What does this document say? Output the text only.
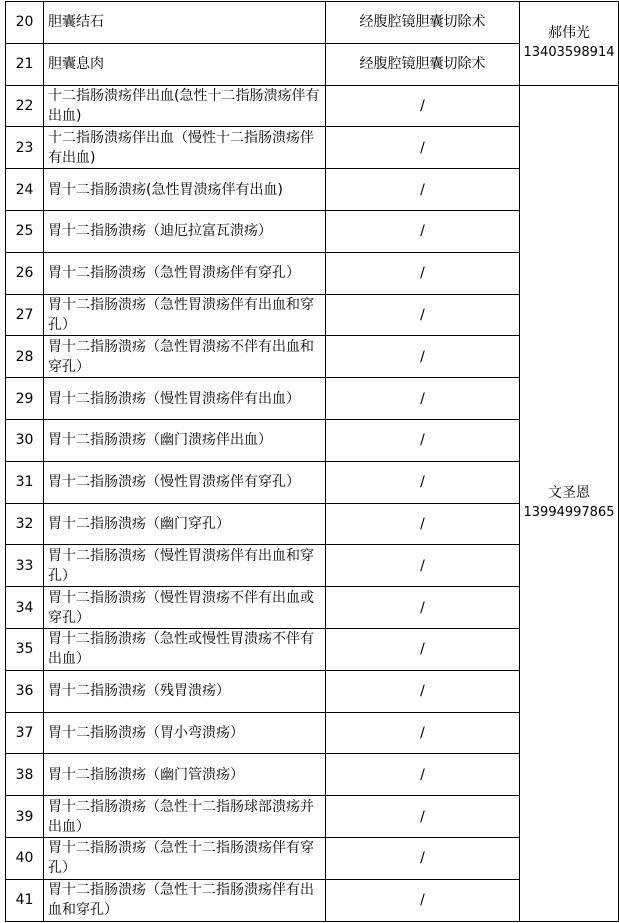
20	胆囊结石	经腹腔镜胆囊切除术	郝伟光
13403598914

21	胆囊息肉	经腹腔镜胆囊切除术	
22	十二指肠溃疡伴出血(急性十二指肠溃疡伴有出血)	/	文圣恩
13994997865

23	十二指肠溃疡伴出血（慢性十二指肠溃疡伴有出血)	/	
24	胃十二指肠溃疡(急性胃溃疡伴有出血)	/	
25	胃十二指肠溃疡（迪厄拉富瓦溃疡）	/	
26	胃十二指肠溃疡（急性胃溃疡伴有穿孔）	/	
27	胃十二指肠溃疡（急性胃溃疡伴有出血和穿孔）	/	
28	胃十二指肠溃疡（急性胃溃疡不伴有出血和穿孔）	/	
29	胃十二指肠溃疡（慢性胃溃疡伴有出血）	/	
30	胃十二指肠溃疡（幽门溃疡伴出血）	/	
31	胃十二指肠溃疡（慢性胃溃疡伴有穿孔）	/	
32	胃十二指肠溃疡（幽门穿孔）	/	
33	胃十二指肠溃疡（慢性胃溃疡伴有出血和穿孔）	/	
34	胃十二指肠溃疡（慢性胃溃疡不伴有出血或穿孔）	/	
35	胃十二指肠溃疡（急性或慢性胃溃疡不伴有出血）	/	
36	胃十二指肠溃疡（残胃溃疡）	/	
37	胃十二指肠溃疡（胃小弯溃疡）	/	
38	胃十二指肠溃疡（幽门管溃疡）	/	
39	胃十二指肠溃疡（急性十二指肠球部溃疡并出血）	/	
40	胃十二指肠溃疡（急性十二指肠溃疡伴有穿孔）	/	
41	胃十二指肠溃疡（急性十二指肠溃疡伴有出血和穿孔）	/	
